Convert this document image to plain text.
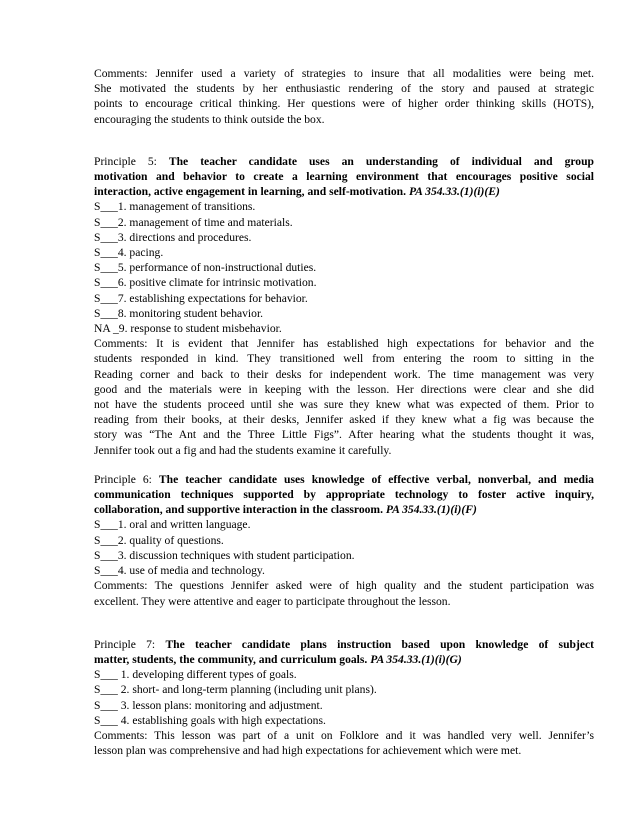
Comments: Jennifer used a variety of strategies to insure that all modalities were being met.
She motivated the students by her enthusiastic rendering of the story and paused at strategic
points to encourage critical thinking. Her questions were of higher order thinking skills (HOTS),
encouraging the students to think outside the box.
Principle 5: The teacher candidate uses an understanding of individual and group
motivation and behavior to create a learning environment that encourages positive social
interaction, active engagement in learning, and self-motivation. PA 354.33.(1)(i)(E)
S___1. management of transitions.
S___2. management of time and materials.
S___3. directions and procedures.
S___4. pacing.
S___5. performance of non-instructional duties.
S___6. positive climate for intrinsic motivation.
S___7. establishing expectations for behavior.
S___8. monitoring student behavior.
NA _9. response to student misbehavior.
Comments: It is evident that Jennifer has established high expectations for behavior and the
students responded in kind. They transitioned well from entering the room to sitting in the
Reading corner and back to their desks for independent work. The time management was very
good and the materials were in keeping with the lesson. Her directions were clear and she did
not have the students proceed until she was sure they knew what was expected of them. Prior to
reading from their books, at their desks, Jennifer asked if they knew what a fig was because the
story was “The Ant and the Three Little Figs”. After hearing what the students thought it was,
Jennifer took out a fig and had the students examine it carefully.
Principle 6: The teacher candidate uses knowledge of effective verbal, nonverbal, and media
communication techniques supported by appropriate technology to foster active inquiry,
collaboration, and supportive interaction in the classroom. PA 354.33.(1)(i)(F)
S___1. oral and written language.
S___2. quality of questions.
S___3. discussion techniques with student participation.
S___4. use of media and technology.
Comments: The questions Jennifer asked were of high quality and the student participation was
excellent. They were attentive and eager to participate throughout the lesson.
Principle 7: The teacher candidate plans instruction based upon knowledge of subject
matter, students, the community, and curriculum goals. PA 354.33.(1)(i)(G)
S___ 1. developing different types of goals.
S___ 2. short- and long-term planning (including unit plans).
S___ 3. lesson plans: monitoring and adjustment.
S___ 4. establishing goals with high expectations.
Comments: This lesson was part of a unit on Folklore and it was handled very well. Jennifer’s
lesson plan was comprehensive and had high expectations for achievement which were met.
